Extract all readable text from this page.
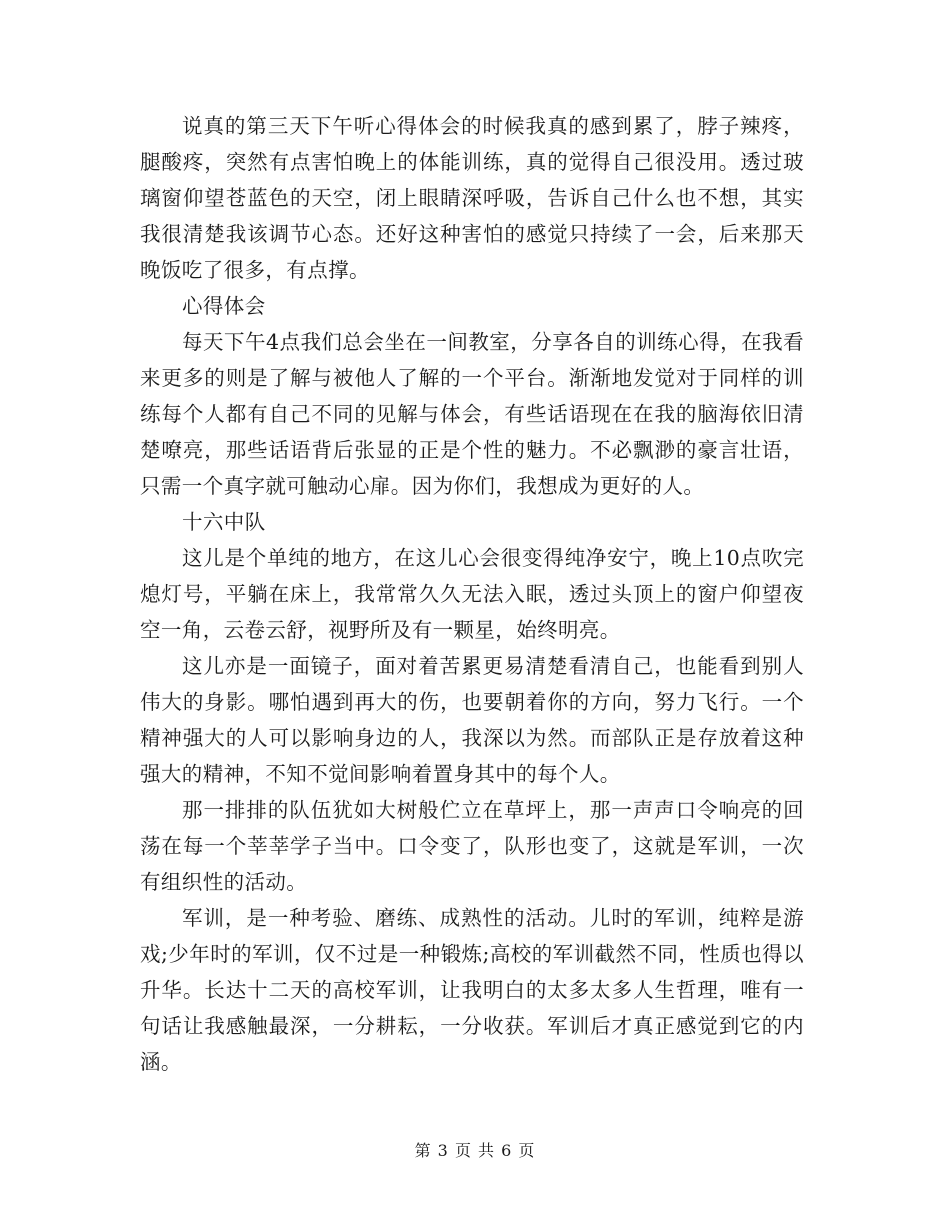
说真的第三天下午听心得体会的时候我真的感到累了，脖子辣疼，腿酸疼，突然有点害怕晚上的体能训练，真的觉得自己很没用。透过玻璃窗仰望苍蓝色的天空，闭上眼睛深呼吸，告诉自己什么也不想，其实我很清楚我该调节心态。还好这种害怕的感觉只持续了一会，后来那天晚饭吃了很多，有点撑。

心得体会

每天下午4点我们总会坐在一间教室，分享各自的训练心得，在我看来更多的则是了解与被他人了解的一个平台。渐渐地发觉对于同样的训练每个人都有自己不同的见解与体会，有些话语现在在我的脑海依旧清楚嘹亮，那些话语背后张显的正是个性的魅力。不必飘渺的豪言壮语，只需一个真字就可触动心扉。因为你们，我想成为更好的人。

十六中队

这儿是个单纯的地方，在这儿心会很变得纯净安宁，晚上10点吹完熄灯号，平躺在床上，我常常久久无法入眠，透过头顶上的窗户仰望夜空一角，云卷云舒，视野所及有一颗星，始终明亮。

这儿亦是一面镜子，面对着苦累更易清楚看清自己，也能看到别人伟大的身影。哪怕遇到再大的伤，也要朝着你的方向，努力飞行。一个精神强大的人可以影响身边的人，我深以为然。而部队正是存放着这种强大的精神，不知不觉间影响着置身其中的每个人。

那一排排的队伍犹如大树般伫立在草坪上，那一声声口令响亮的回荡在每一个莘莘学子当中。口令变了，队形也变了，这就是军训，一次有组织性的活动。

军训，是一种考验、磨练、成熟性的活动。儿时的军训，纯粹是游戏;少年时的军训，仅不过是一种锻炼;高校的军训截然不同，性质也得以升华。长达十二天的高校军训，让我明白的太多太多人生哲理，唯有一句话让我感触最深，一分耕耘，一分收获。军训后才真正感觉到它的内涵。

第 3 页 共 6 页
